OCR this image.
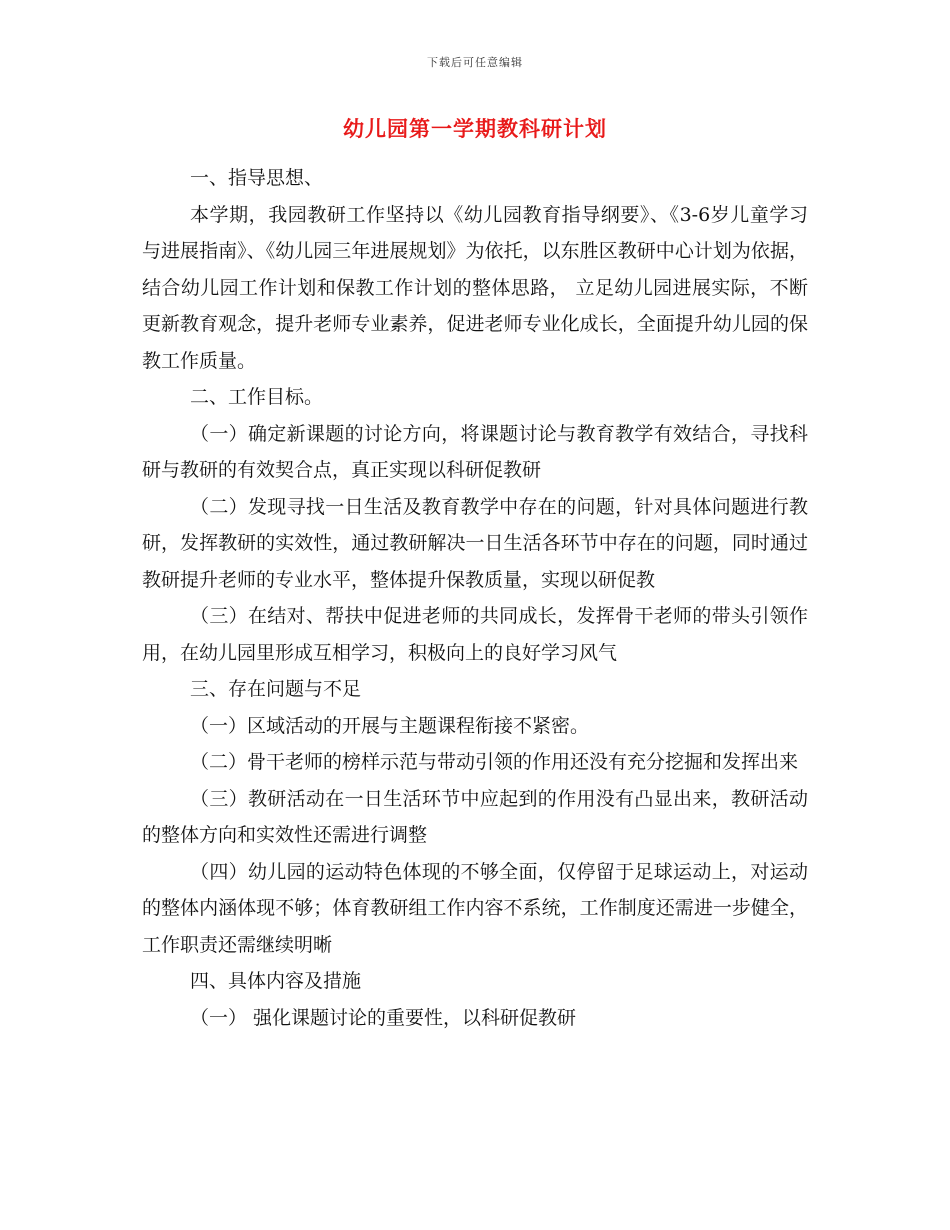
下载后可任意编辑
幼儿园第一学期教科研计划

一、指导思想、

本学期，我园教研工作坚持以《幼儿园教育指导纲要》、《3-6岁儿童学习与进展指南》、《幼儿园三年进展规划》为依托，以东胜区教研中心计划为依据，结合幼儿园工作计划和保教工作计划的整体思路， 立足幼儿园进展实际，不断更新教育观念，提升老师专业素养，促进老师专业化成长，全面提升幼儿园的保教工作质量。

二、工作目标。

（一）确定新课题的讨论方向，将课题讨论与教育教学有效结合，寻找科研与教研的有效契合点，真正实现以科研促教研

（二）发现寻找一日生活及教育教学中存在的问题，针对具体问题进行教研，发挥教研的实效性，通过教研解决一日生活各环节中存在的问题，同时通过教研提升老师的专业水平，整体提升保教质量，实现以研促教

（三）在结对、帮扶中促进老师的共同成长，发挥骨干老师的带头引领作用，在幼儿园里形成互相学习，积极向上的良好学习风气

三、存在问题与不足

（一）区域活动的开展与主题课程衔接不紧密。

（二）骨干老师的榜样示范与带动引领的作用还没有充分挖掘和发挥出来

（三）教研活动在一日生活环节中应起到的作用没有凸显出来，教研活动的整体方向和实效性还需进行调整

（四）幼儿园的运动特色体现的不够全面，仅停留于足球运动上，对运动的整体内涵体现不够；体育教研组工作内容不系统，工作制度还需进一步健全，工作职责还需继续明晰

四、具体内容及措施

（一） 强化课题讨论的重要性，以科研促教研
